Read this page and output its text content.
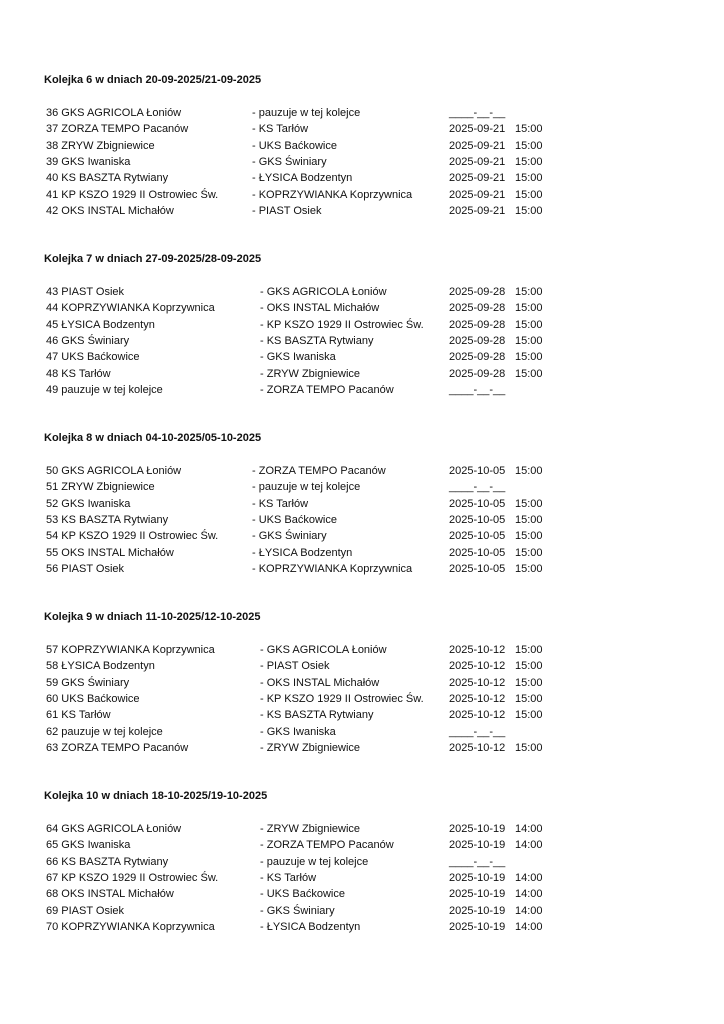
Kolejka 6 w dniach 20-09-2025/21-09-2025
36 GKS AGRICOLA Łoniów	- pauzuje w tej kolejce	____-__-__
37 ZORZA TEMPO Pacanów	- KS Tarłów	2025-09-21 15:00
38 ZRYW Zbigniewice	- UKS Baćkowice	2025-09-21 15:00
39 GKS Iwaniska	- GKS Świniary	2025-09-21 15:00
40 KS BASZTA Rytwiany	- ŁYSICA Bodzentyn	2025-09-21 15:00
41 KP KSZO 1929 II Ostrowiec Św.	- KOPRZYWIANKA Koprzywnica	2025-09-21 15:00
42 OKS INSTAL Michałów	- PIAST Osiek	2025-09-21 15:00
Kolejka 7 w dniach 27-09-2025/28-09-2025
43 PIAST Osiek	- GKS AGRICOLA Łoniów	2025-09-28 15:00
44 KOPRZYWIANKA Koprzywnica	- OKS INSTAL Michałów	2025-09-28 15:00
45 ŁYSICA Bodzentyn	- KP KSZO 1929 II Ostrowiec Św. 2025-09-28 15:00
46 GKS Świniary	- KS BASZTA Rytwiany	2025-09-28 15:00
47 UKS Baćkowice	- GKS Iwaniska	2025-09-28 15:00
48 KS Tarłów	- ZRYW Zbigniewice	2025-09-28 15:00
49 pauzuje w tej kolejce	- ZORZA TEMPO Pacanów	____-__-__
Kolejka 8 w dniach 04-10-2025/05-10-2025
50 GKS AGRICOLA Łoniów	- ZORZA TEMPO Pacanów	2025-10-05 15:00
51 ZRYW Zbigniewice	- pauzuje w tej kolejce	____-__-__
52 GKS Iwaniska	- KS Tarłów	2025-10-05 15:00
53 KS BASZTA Rytwiany	- UKS Baćkowice	2025-10-05 15:00
54 KP KSZO 1929 II Ostrowiec Św.	- GKS Świniary	2025-10-05 15:00
55 OKS INSTAL Michałów	- ŁYSICA Bodzentyn	2025-10-05 15:00
56 PIAST Osiek	- KOPRZYWIANKA Koprzywnica	2025-10-05 15:00
Kolejka 9 w dniach 11-10-2025/12-10-2025
57 KOPRZYWIANKA Koprzywnica	- GKS AGRICOLA Łoniów	2025-10-12 15:00
58 ŁYSICA Bodzentyn	- PIAST Osiek	2025-10-12 15:00
59 GKS Świniary	- OKS INSTAL Michałów	2025-10-12 15:00
60 UKS Baćkowice	- KP KSZO 1929 II Ostrowiec Św. 2025-10-12 15:00
61 KS Tarłów	- KS BASZTA Rytwiany	2025-10-12 15:00
62 pauzuje w tej kolejce	- GKS Iwaniska	____-__-__
63 ZORZA TEMPO Pacanów	- ZRYW Zbigniewice	2025-10-12 15:00
Kolejka 10 w dniach 18-10-2025/19-10-2025
64 GKS AGRICOLA Łoniów	- ZRYW Zbigniewice	2025-10-19 14:00
65 GKS Iwaniska	- ZORZA TEMPO Pacanów	2025-10-19 14:00
66 KS BASZTA Rytwiany	- pauzuje w tej kolejce	____-__-__
67 KP KSZO 1929 II Ostrowiec Św.	- KS Tarłów	2025-10-19 14:00
68 OKS INSTAL Michałów	- UKS Baćkowice	2025-10-19 14:00
69 PIAST Osiek	- GKS Świniary	2025-10-19 14:00
70 KOPRZYWIANKA Koprzywnica	- ŁYSICA Bodzentyn	2025-10-19 14:00
